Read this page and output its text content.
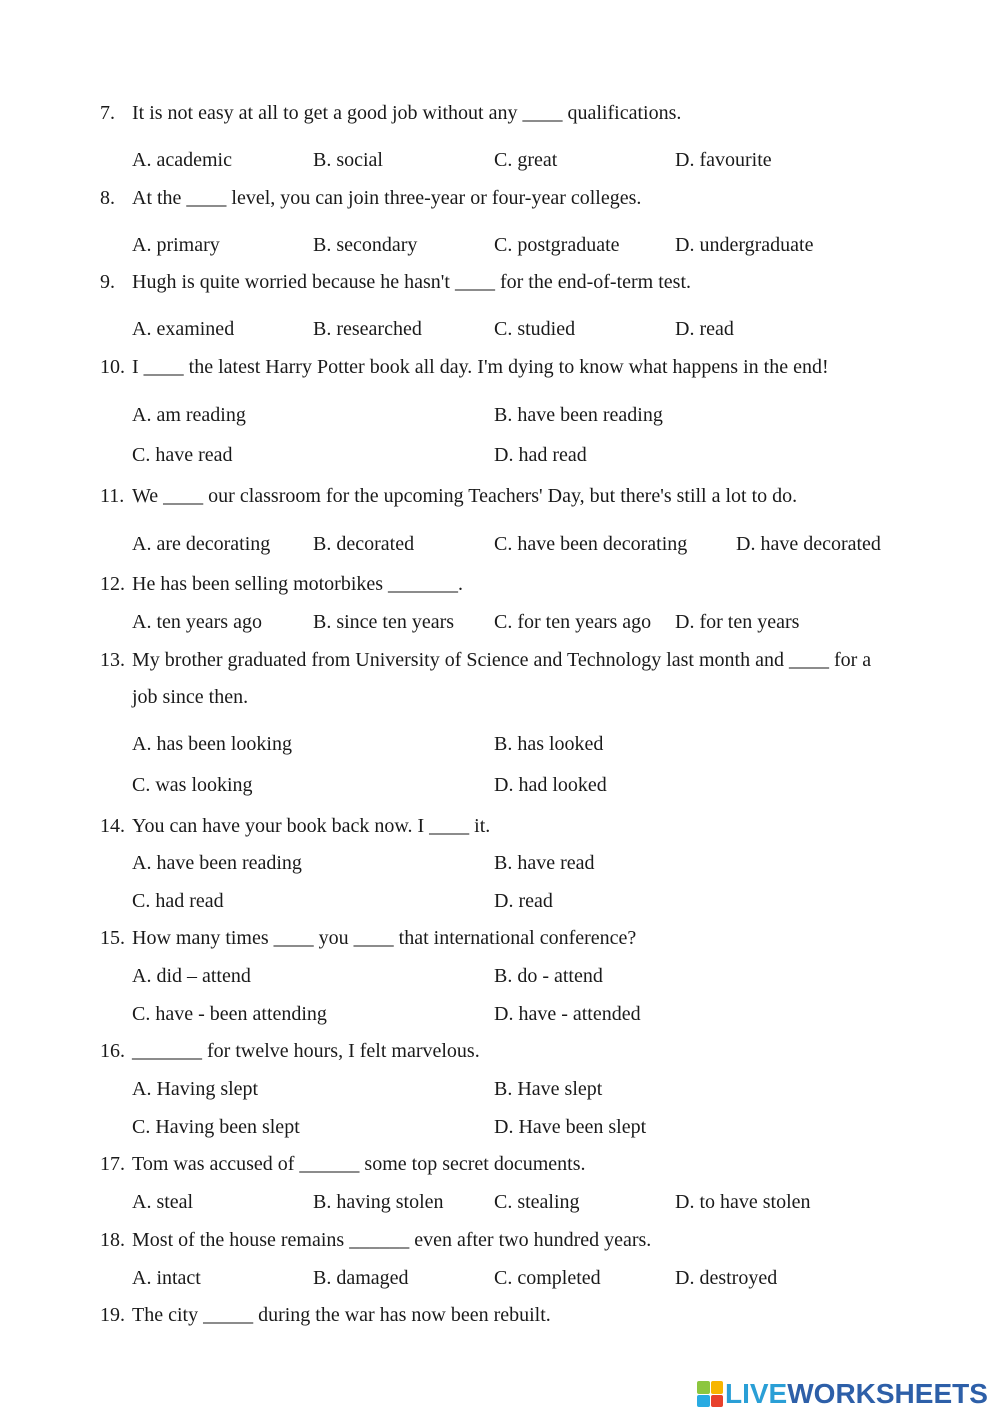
7. It is not easy at all to get a good job without any ____ qualifications.
A. academic	B. social	C. great	D. favourite
8. At the ____ level, you can join three-year or four-year colleges.
A. primary	B. secondary	C. postgraduate	D. undergraduate
9. Hugh is quite worried because he hasn't ____ for the end-of-term test.
A. examined	B. researched	C. studied	D. read
10. I ____ the latest Harry Potter book all day. I'm dying to know what happens in the end!
A. am reading	B. have been reading
C. have read	D. had read
11. We ____ our classroom for the upcoming Teachers' Day, but there's still a lot to do.
A. are decorating B. decorated	C. have been decorating D. have decorated
12. He has been selling motorbikes _______.
A. ten years ago	B. since ten years C. for ten years ago D. for ten years
13. My brother graduated from University of Science and Technology last month and ____ for a
job since then.
A. has been looking	B. has looked
C. was looking	D. had looked
14. You can have your book back now. I ____ it.
A. have been reading	B. have read
C. had read	D. read
15. How many times ____ you ____ that international conference?
A. did – attend	B. do - attend
C. have - been attending	D. have - attended
16. _______ for twelve hours, I felt marvelous.
A. Having slept	B. Have slept
C. Having been slept	D. Have been slept
17. Tom was accused of ______ some top secret documents.
A. steal	B. having stolen	C. stealing	D. to have stolen
18. Most of the house remains ______ even after two hundred years.
A. intact	B. damaged	C. completed	D. destroyed
19. The city _____ during the war has now been rebuilt.
LIVE WORKSHEETS
